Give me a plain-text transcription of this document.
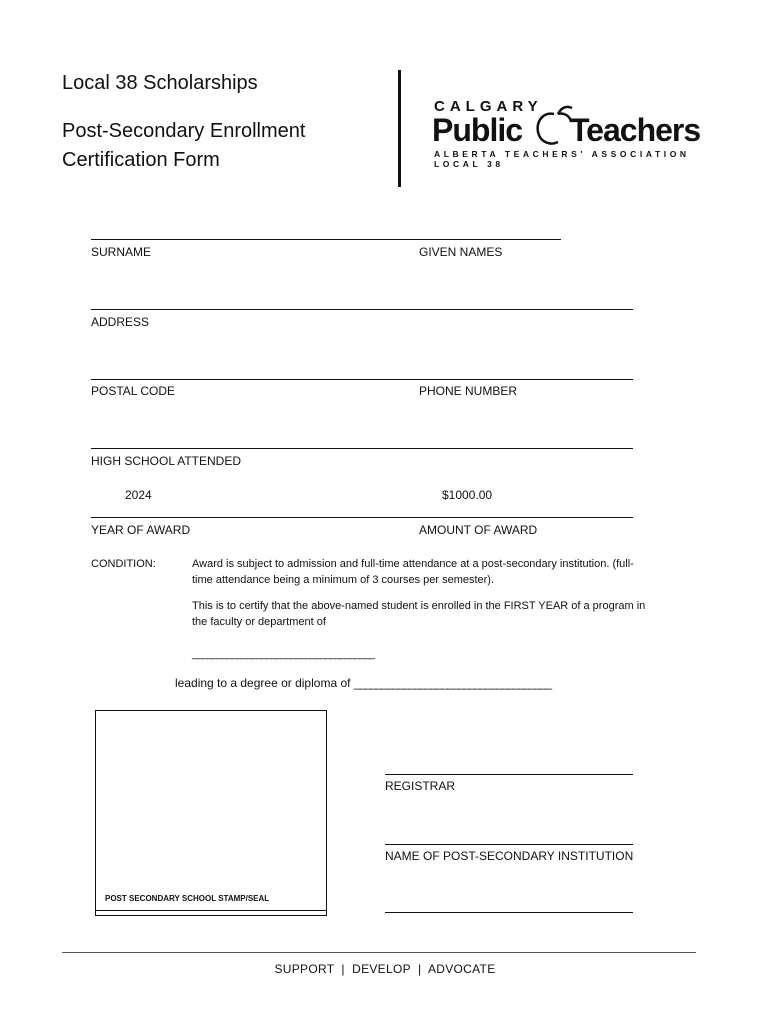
Local 38 Scholarships
Post-Secondary Enrollment
Certification Form
CALGARY
Public Teachers
ALBERTA TEACHERS' ASSOCIATION LOCAL 38
SURNAME	GIVEN NAMES
ADDRESS
POSTAL CODE	PHONE NUMBER
HIGH SCHOOL ATTENDED
2024	$1000.00
YEAR OF AWARD	AMOUNT OF AWARD
CONDITION:	Award is subject to admission and full-time attendance at a post-secondary institution. (full-
time attendance being a minimum of 3 courses per semester).
This is to certify that the above-named student is enrolled in the FIRST YEAR of a program in
the faculty or department of
_____________________________________
leading to a degree or diploma of ____________________________________
POST SECONDARY SCHOOL STAMP/SEAL
REGISTRAR
NAME OF POST-SECONDARY INSTITUTION
SUPPORT  |  DEVELOP  |  ADVOCATE
